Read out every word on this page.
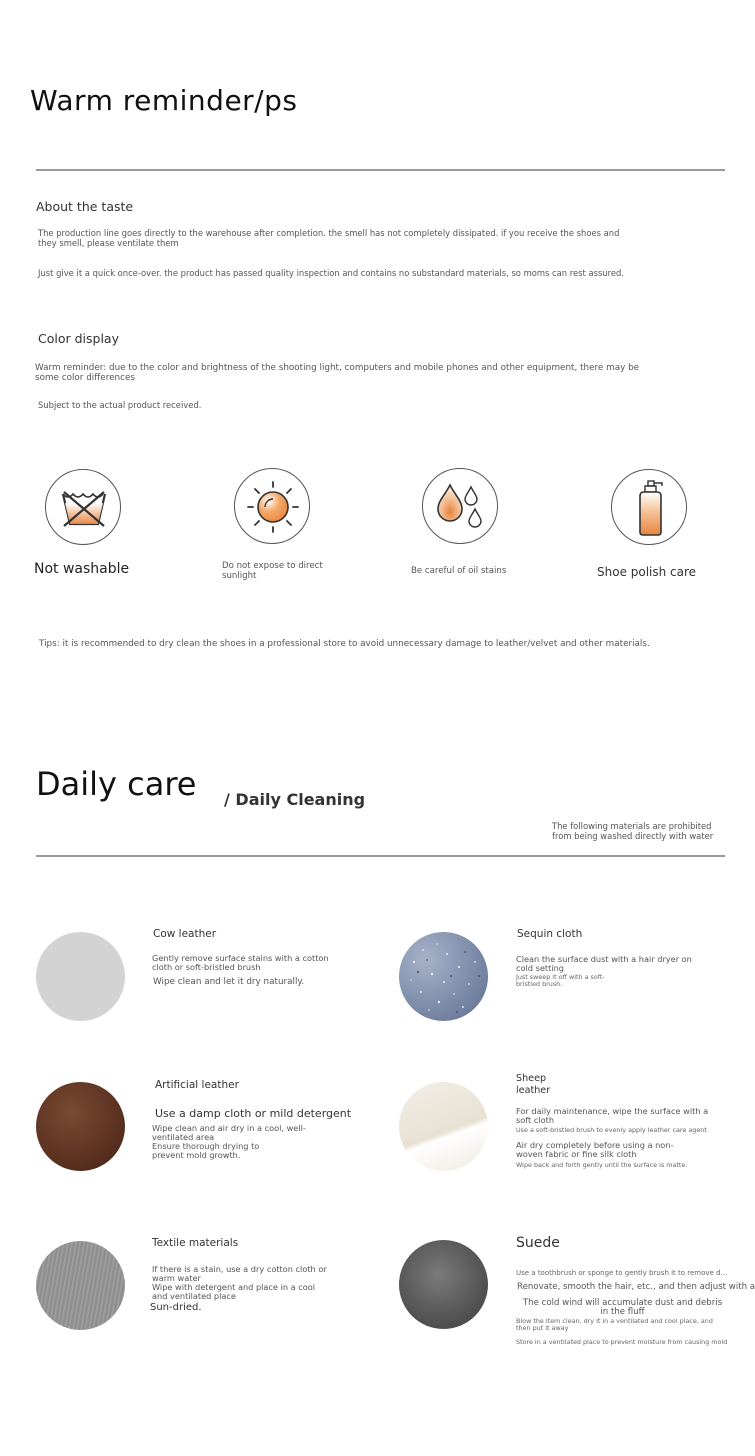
Warm reminder/ps
About the taste
The production line goes directly to the warehouse after completion. the smell has not completely dissipated. if you receive the shoes and they smell, please ventilate them
Just give it a quick once-over. the product has passed quality inspection and contains no substandard materials, so moms can rest assured.
Color display
Warm reminder: due to the color and brightness of the shooting light, computers and mobile phones and other equipment, there may be some color differences
Subject to the actual product received.
Not washable	Do not expose to direct sunlight	Be careful of oil stains	Shoe polish care
Tips: it is recommended to dry clean the shoes in a professional store to avoid unnecessary damage to leather/velvet and other materials.
Daily care / Daily Cleaning
The following materials are prohibited from being washed directly with water
Cow leather
Gently remove surface stains with a cotton cloth or soft-bristled brush
Wipe clean and let it dry naturally.
Sequin cloth
Clean the surface dust with a hair dryer on cold setting
Just sweep it off with a soft-bristled brush.
Artificial leather
Use a damp cloth or mild detergent
Wipe clean and air dry in a cool, well-ventilated area
Ensure thorough drying to prevent mold growth.
Sheep leather
For daily maintenance, wipe the surface with a soft cloth
Use a soft-bristled brush to evenly apply leather care agent
Air dry completely before using a non-woven fabric or fine silk cloth
Wipe back and forth gently until the surface is matte.
Textile materials
If there is a stain, use a dry cotton cloth or warm water
Wipe with detergent and place in a cool and ventilated place
Sun-dried.
Suede
Use a toothbrush or sponge to gently brush it to remove d...
Renovate, smooth the hair, etc., and then adjust with a
The cold wind will accumulate dust and debris in the fluff
Blow the item clean, dry it in a ventilated and cool place, and then put it away
Store in a ventilated place to prevent moisture from causing mold
